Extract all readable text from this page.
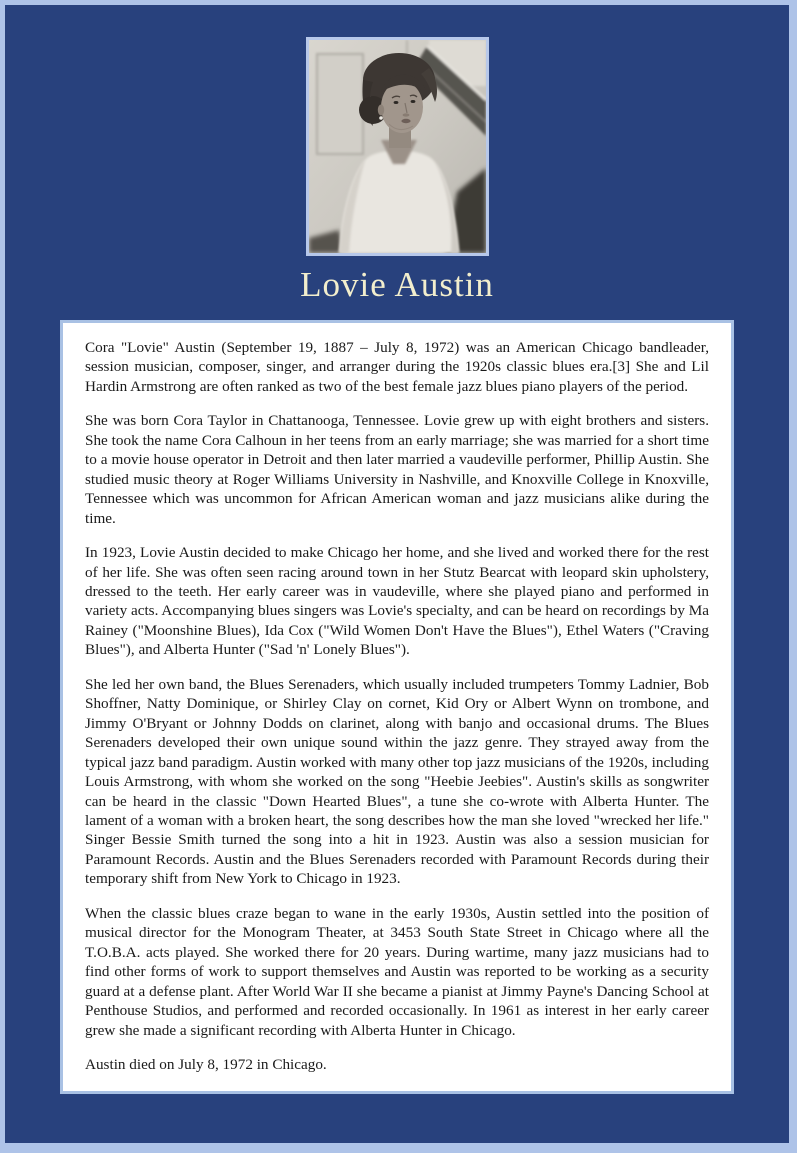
Lovie Austin

Cora "Lovie" Austin (September 19, 1887 – July 8, 1972) was an American Chicago bandleader, session musician, composer, singer, and arranger during the 1920s classic blues era.[3] She and Lil Hardin Armstrong are often ranked as two of the best female jazz blues piano players of the period.

She was born Cora Taylor in Chattanooga, Tennessee. Lovie grew up with eight brothers and sisters. She took the name Cora Calhoun in her teens from an early marriage; she was married for a short time to a movie house operator in Detroit and then later married a vaudeville performer, Phillip Austin. She studied music theory at Roger Williams University in Nashville, and Knoxville College in Knoxville, Tennessee which was uncommon for African American woman and jazz musicians alike during the time.

In 1923, Lovie Austin decided to make Chicago her home, and she lived and worked there for the rest of her life. She was often seen racing around town in her Stutz Bearcat with leopard skin upholstery, dressed to the teeth. Her early career was in vaudeville, where she played piano and performed in variety acts. Accompanying blues singers was Lovie's specialty, and can be heard on recordings by Ma Rainey ("Moonshine Blues), Ida Cox ("Wild Women Don't Have the Blues"), Ethel Waters ("Craving Blues"), and Alberta Hunter ("Sad 'n' Lonely Blues").

She led her own band, the Blues Serenaders, which usually included trumpeters Tommy Ladnier, Bob Shoffner, Natty Dominique, or Shirley Clay on cornet, Kid Ory or Albert Wynn on trombone, and Jimmy O'Bryant or Johnny Dodds on clarinet, along with banjo and occasional drums. The Blues Serenaders developed their own unique sound within the jazz genre. They strayed away from the typical jazz band paradigm. Austin worked with many other top jazz musicians of the 1920s, including Louis Armstrong, with whom she worked on the song "Heebie Jeebies". Austin's skills as songwriter can be heard in the classic "Down Hearted Blues", a tune she co-wrote with Alberta Hunter. The lament of a woman with a broken heart, the song describes how the man she loved "wrecked her life." Singer Bessie Smith turned the song into a hit in 1923. Austin was also a session musician for Paramount Records. Austin and the Blues Serenaders recorded with Paramount Records during their temporary shift from New York to Chicago in 1923.

When the classic blues craze began to wane in the early 1930s, Austin settled into the position of musical director for the Monogram Theater, at 3453 South State Street in Chicago where all the T.O.B.A. acts played. She worked there for 20 years. During wartime, many jazz musicians had to find other forms of work to support themselves and Austin was reported to be working as a security guard at a defense plant. After World War II she became a pianist at Jimmy Payne's Dancing School at Penthouse Studios, and performed and recorded occasionally. In 1961 as interest in her early career grew she made a significant recording with Alberta Hunter in Chicago.

Austin died on July 8, 1972 in Chicago.
